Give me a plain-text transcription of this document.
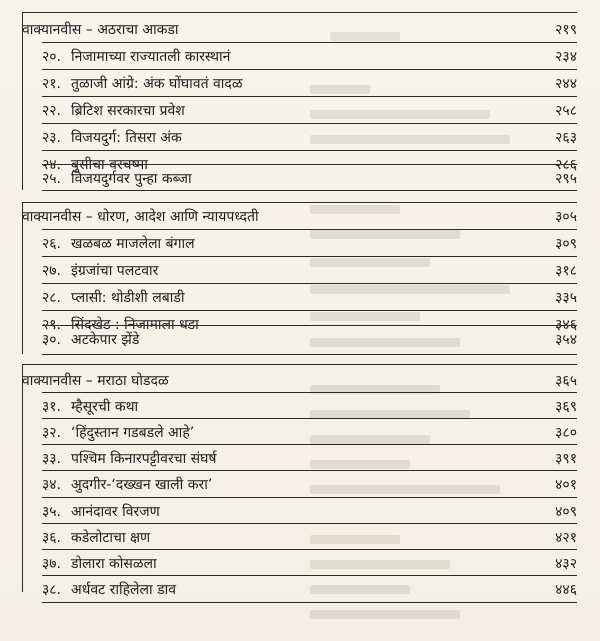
वाक्यानवीस – अठराचा आकडा	२१९
२०. निजामाच्या राज्यातली कारस्थानं	२३४
२१. तुळाजी आंग्रे: अंक घोंघावतं वादळ	२४४
२२. ब्रिटिश सरकारचा प्रवेश	२५८
२३. विजयदुर्ग: तिसरा अंक	२६३
२४. बुसीचा वरचष्मा	२८६
२५. विजयदुर्गवर पुन्हा कब्जा	२९५
वाक्यानवीस – धोरण, आदेश आणि न्यायपध्दती	३०५
२६. खळबळ माजलेला बंगाल	३०९
२७. इंग्रजांचा पलटवार	३१८
२८. प्लासी: थोडीशी लबाडी	३३५
२९. सिंदखेड : निजामाला धडा	३४६
३०. अटकेपार झेंडे	३५४
वाक्यानवीस – मराठा घोडदळ	३६५
३१. म्हैसूरची कथा	३६९
३२. ‘हिंदुस्तान गडबडले आहे’	३८०
३३. पश्चिम किनारपट्टीवरचा संघर्ष	३९१
३४. अुदगीर-‘दख्खन खाली करा’	४०१
३५. आनंदावर विरजण	४०९
३६. कडेलोटाचा क्षण	४२१
३७. डोलारा कोसळला	४३२
३८. अर्धवट राहिलेला डाव	४४६
